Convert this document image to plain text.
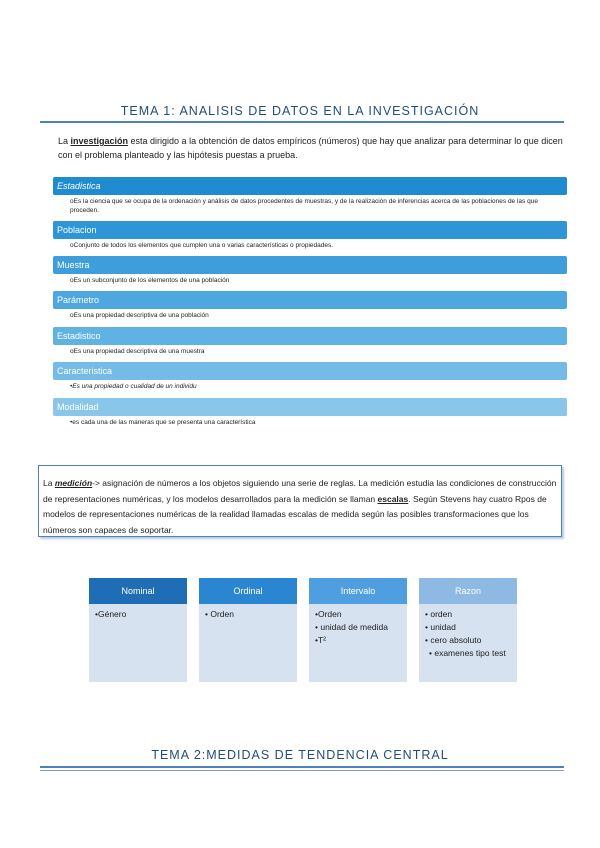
TEMA 1: ANALISIS DE DATOS EN LA INVESTIGACIÓN
La investigación esta dirigido a la obtención de datos empíricos (números) que hay que analizar para determinar lo que dicen con el problema planteado y las hipótesis puestas a prueba.
Estadistica
oEs la ciencia que se ocupa de la ordenación y análisis de datos procedentes de muestras, y de la realización de inferencias acerca de las poblaciones de las que proceden.
Poblacion
oConjunto de todos los elementos que cumplen una o varias características o propiedades.
Muestra
oEs un subconjunto de los elementos de una población
Parámetro
oEs una propiedad descriptiva de una población
Estadistico
oEs una propiedad descriptiva de una muestra
Caracteristica
•Es una propiedad o cualidad de un individu
Modalidad
•es cada una de las maneras que se presenta una característica
La medición-> asignación de números a los objetos siguiendo una serie de reglas. La medición estudia las condiciones de construcción de representaciones numéricas, y los modelos desarrollados para la medición se llaman escalas. Según Stevens hay cuatro Rpos de modelos de representaciones numéricas de la realidad llamadas escalas de medida según las posibles transformaciones que los números son capaces de soportar.
Nominal
•Género
Ordinal
• Orden
Intervalo
•Orden
• unidad de medida
•T²
Razon
• orden
• unidad
• cero absoluto
• examenes tipo test
TEMA 2:MEDIDAS DE TENDENCIA CENTRAL
